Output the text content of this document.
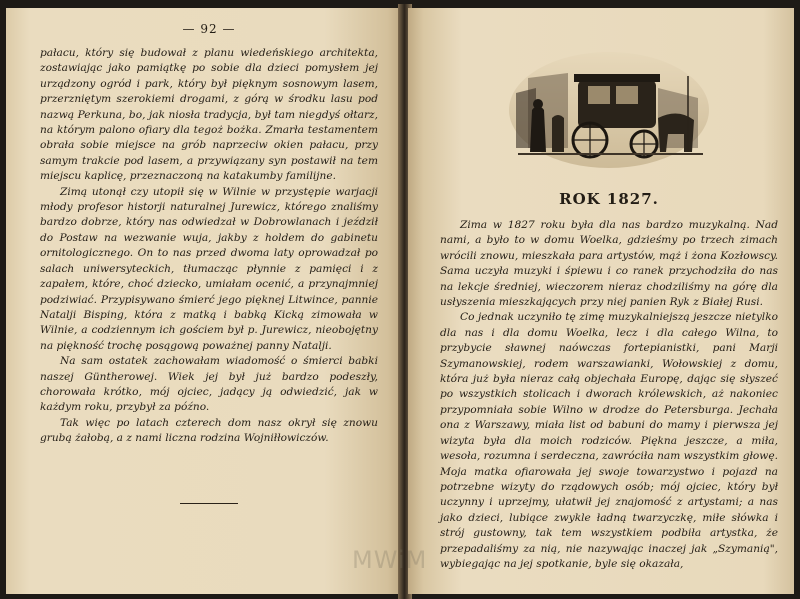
— 92 —

pałacu, który się budował z planu wiedeńskiego architekta, zostawiając jako pamiątkę po sobie dla dzieci pomysłem jej urządzony ogród i park, który był pięknym sosnowym lasem, przerzniętym szerokiemi drogami, z górą w środku lasu pod nazwą Perkuna, bo, jak niosła tradycja, był tam niegdyś ołtarz, na którym palono ofiary dla tegoż bożka. Zmarła testamentem obrała sobie miejsce na grób naprzeciw okien pałacu, przy samym trakcie pod lasem, a przywiązany syn postawił na tem miejscu kaplicę, przeznaczoną na katakumby familijne.

Zimą utonął czy utopił się w Wilnie w przystępie warjacji młody profesor historji naturalnej Jurewicz, którego znaliśmy bardzo dobrze, który nas odwiedzał w Dobrowlanach i jeździł do Postaw na wezwanie wuja, jakby z holdem do gabinetu ornitologicznego. On to nas przed dwoma laty oprowadzał po salach uniwersyteckich, tłumacząc płynnie z pamięci i z zapałem, które, choć dziecko, umiałam ocenić, a przynajmniej podziwiać. Przypisywano śmierć jego pięknej Litwince, pannie Natalji Bisping, która z matką i babką Kicką zimowała w Wilnie, a codziennym ich gościem był p. Jurewicz, nieobojętny na piękność trochę posągową poważnej panny Natalji.

Na sam ostatek zachowałam wiadomość o śmierci babki naszej Güntherowej. Wiek jej był już bardzo podeszły, chorowała krótko, mój ojciec, jadący ją odwiedzić, jak w każdym roku, przybył za późno.

Tak więc po latach czterech dom nasz okrył się znowu grubą żałobą, a z nami liczna rodzina Wojniłłowiczów.

ROK 1827.

Zima w 1827 roku była dla nas bardzo muzykalną. Nad nami, a było to w domu Woelka, gdzieśmy po trzech zimach wrócili znowu, mieszkała para artystów, mąż i żona Kozłowscy. Sama uczyła muzyki i śpiewu i co ranek przychodziła do nas na lekcje średniej, wieczorem nieraz chodziliśmy na górę dla usłyszenia mieszkających przy niej panien Ryk z Białej Rusi.

Co jednak uczyniło tę zimę muzykalniejszą jeszcze nietylko dla nas i dla domu Woelka, lecz i dla całego Wilna, to przybycie sławnej naówczas fortepianistki, pani Marji Szymanowskiej, rodem warszawianki, Wołowskiej z domu, która już była nieraz całą objechała Europę, dając się słyszeć po wszystkich stolicach i dworach królewskich, aż nakoniec przypomniała sobie Wilno w drodze do Petersburga. Jechała ona z Warszawy, miała list od babuni do mamy i pierwsza jej wizyta była dla moich rodziców. Piękna jeszcze, a miła, wesoła, rozumna i serdeczna, zawróciła nam wszystkim głowę. Moja matka ofiarowała jej swoje towarzystwo i pojazd na potrzebne wizyty do rządowych osób; mój ojciec, który był uczynny i uprzejmy, ułatwił jej znajomość z artystami; a nas jako dzieci, lubiące zwykle ładną twarzyczkę, miłe słówka i strój gustowny, tak tem wszystkiem podbiła artystka, że przepadaliśmy za nią, nie nazywając inaczej jak „Szymanią", wybiegając na jej spotkanie, byle się okazała,

MWiM
